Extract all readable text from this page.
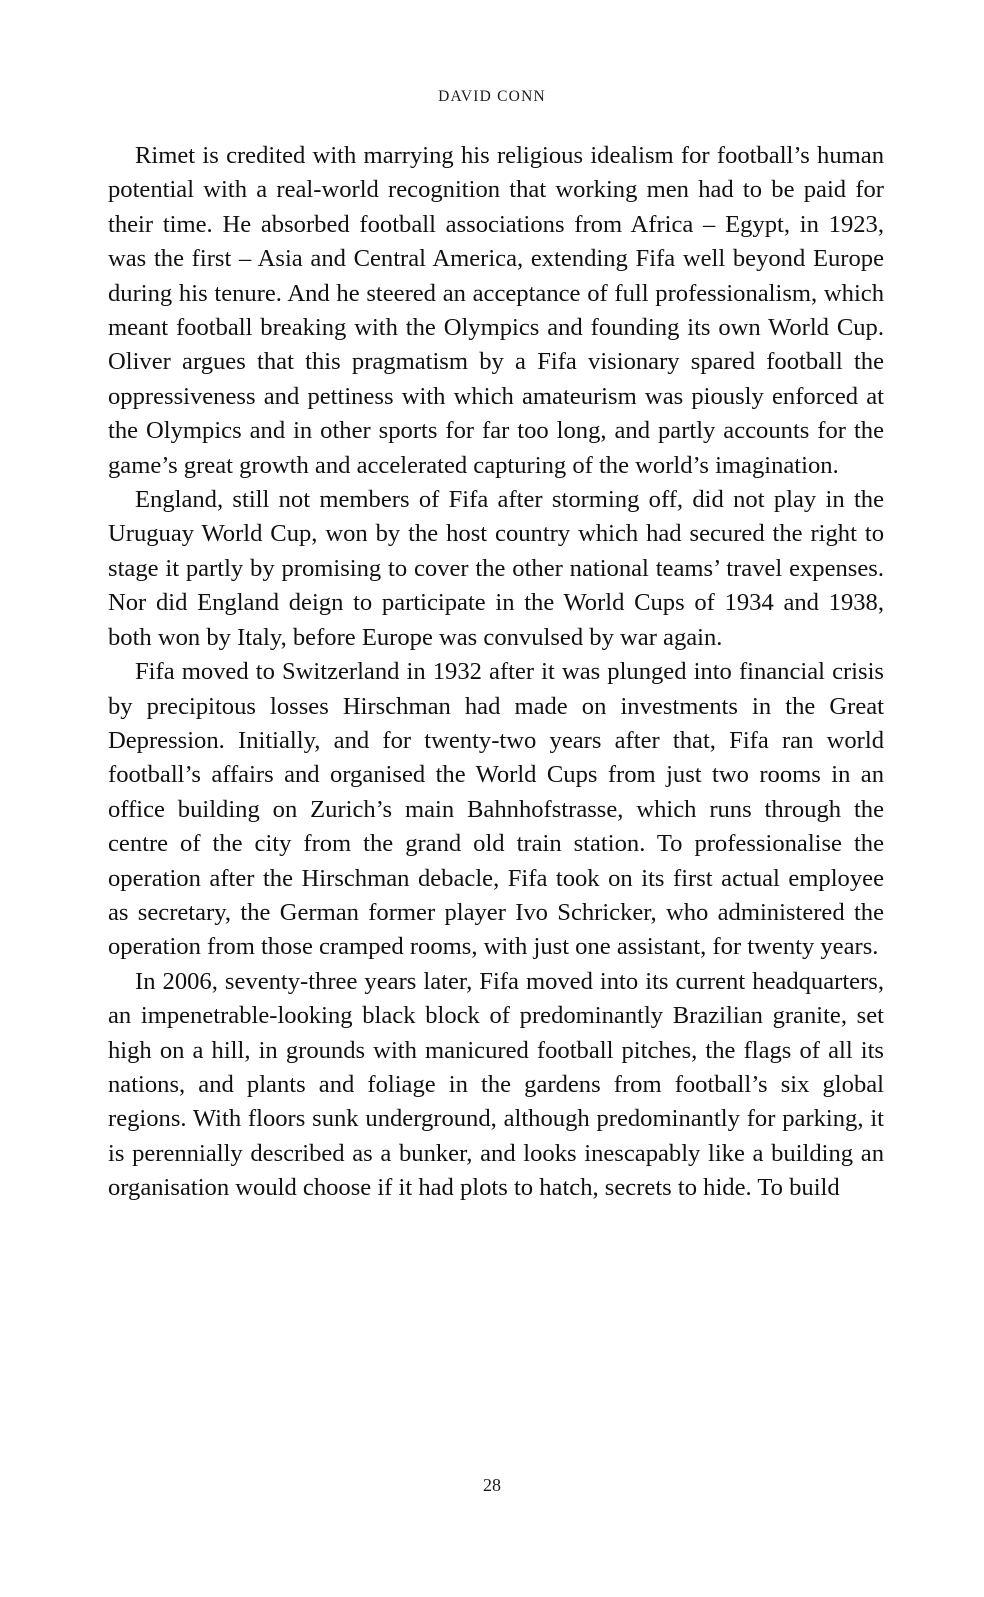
DAVID CONN

Rimet is credited with marrying his religious idealism for football’s human potential with a real-world recognition that working men had to be paid for their time. He absorbed football associations from Africa – Egypt, in 1923, was the first – Asia and Central America, extending Fifa well beyond Europe during his tenure. And he steered an acceptance of full professionalism, which meant football breaking with the Olympics and founding its own World Cup. Oliver argues that this pragmatism by a Fifa visionary spared football the oppressiveness and pettiness with which amateurism was piously enforced at the Olympics and in other sports for far too long, and partly accounts for the game’s great growth and accelerated capturing of the world’s imagination.

England, still not members of Fifa after storming off, did not play in the Uruguay World Cup, won by the host country which had secured the right to stage it partly by promising to cover the other national teams’ travel expenses. Nor did England deign to participate in the World Cups of 1934 and 1938, both won by Italy, before Europe was convulsed by war again.

Fifa moved to Switzerland in 1932 after it was plunged into financial crisis by precipitous losses Hirschman had made on investments in the Great Depression. Initially, and for twenty-two years after that, Fifa ran world football’s affairs and organised the World Cups from just two rooms in an office building on Zurich’s main Bahnhofstrasse, which runs through the centre of the city from the grand old train station. To professionalise the operation after the Hirschman debacle, Fifa took on its first actual employee as secretary, the German former player Ivo Schricker, who administered the operation from those cramped rooms, with just one assistant, for twenty years.

In 2006, seventy-three years later, Fifa moved into its current headquarters, an impenetrable-looking black block of predominantly Brazilian granite, set high on a hill, in grounds with manicured football pitches, the flags of all its nations, and plants and foliage in the gardens from football’s six global regions. With floors sunk underground, although predominantly for parking, it is perennially described as a bunker, and looks inescapably like a building an organisation would choose if it had plots to hatch, secrets to hide. To build

28
